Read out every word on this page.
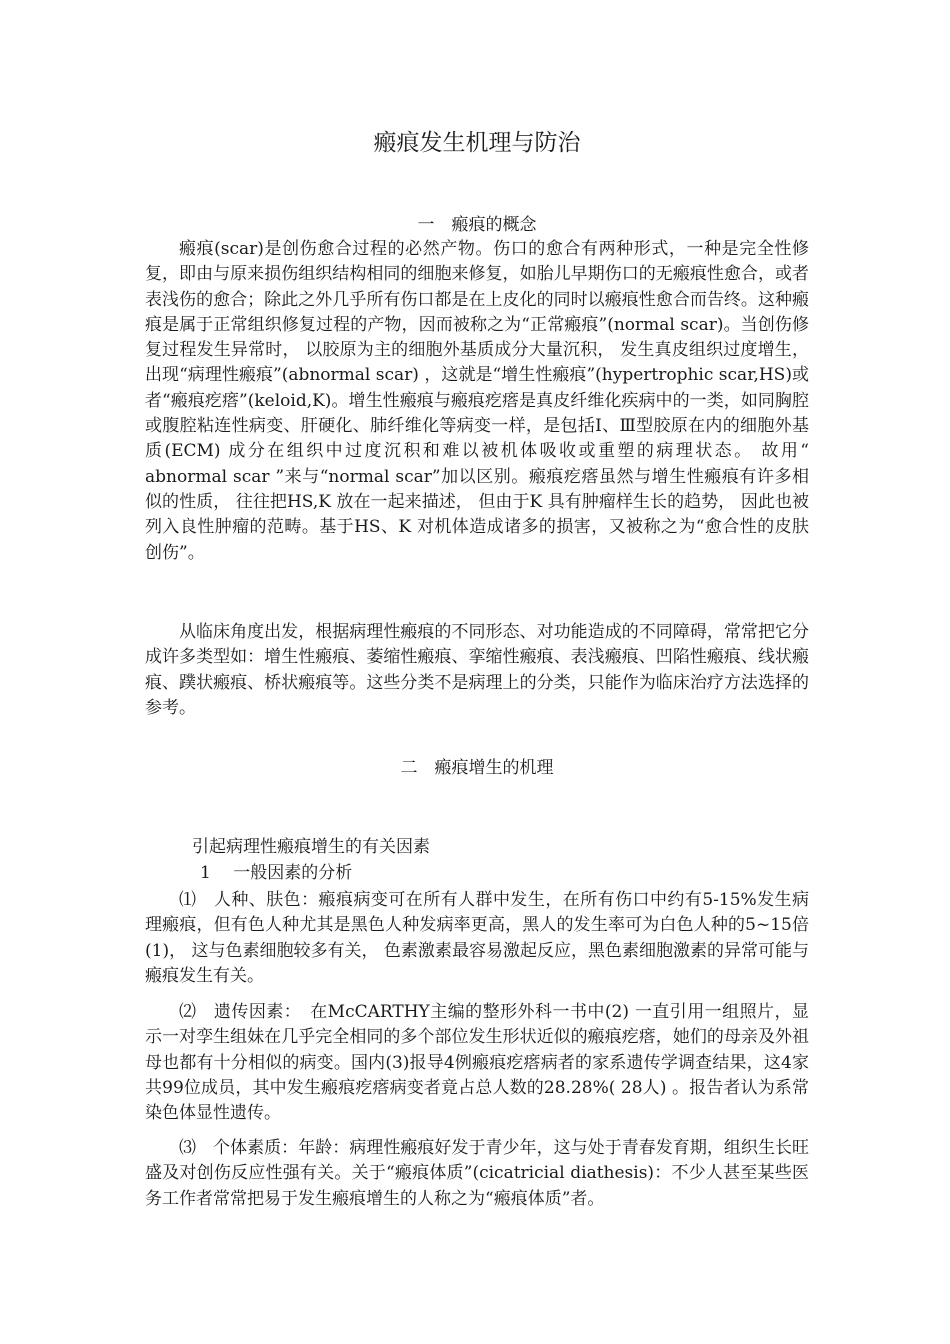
瘢痕发生机理与防治
一　瘢痕的概念

瘢痕(scar)是创伤愈合过程的必然产物。伤口的愈合有两种形式，一种是完全性修复，即由与原来损伤组织结构相同的细胞来修复，如胎儿早期伤口的无瘢痕性愈合，或者表浅伤的愈合；除此之外几乎所有伤口都是在上皮化的同时以瘢痕性愈合而告终。这种瘢痕是属于正常组织修复过程的产物，因而被称之为“正常瘢痕”(normal scar)。当创伤修复过程发生异常时， 以胶原为主的细胞外基质成分大量沉积， 发生真皮组织过度增生，出现“病理性瘢痕”(abnormal scar) ，这就是“增生性瘢痕”(hypertrophic scar,HS)或者“瘢痕疙瘩”(keloid,K)。增生性瘢痕与瘢痕疙瘩是真皮纤维化疾病中的一类，如同胸腔或腹腔粘连性病变、肝硬化、肺纤维化等病变一样，是包括Ⅰ、Ⅲ型胶原在内的细胞外基质(ECM) 成分在组织中过度沉积和难以被机体吸收或重塑的病理状态。 故用“ abnormal scar ”来与“normal scar”加以区别。瘢痕疙瘩虽然与增生性瘢痕有许多相似的性质， 往往把HS,K 放在一起来描述， 但由于K 具有肿瘤样生长的趋势， 因此也被列入良性肿瘤的范畴。基于HS、K 对机体造成诸多的损害，又被称之为“愈合性的皮肤创伤”。

从临床角度出发，根据病理性瘢痕的不同形态、对功能造成的不同障碍，常常把它分成许多类型如：增生性瘢痕、萎缩性瘢痕、挛缩性瘢痕、表浅瘢痕、凹陷性瘢痕、线状瘢痕、蹼状瘢痕、桥状瘢痕等。这些分类不是病理上的分类，只能作为临床治疗方法选择的参考。

二　瘢痕增生的机理
引起病理性瘢痕增生的有关因素
1　 一般因素的分析

⑴　人种、肤色：瘢痕病变可在所有人群中发生，在所有伤口中约有5-15%发生病理瘢痕，但有色人种尤其是黑色人种发病率更高，黑人的发生率可为白色人种的5~15倍(1)， 这与色素细胞较多有关， 色素激素最容易激起反应，黑色素细胞激素的异常可能与瘢痕发生有关。

⑵　遗传因素：　在McCARTHY主编的整形外科一书中(2) 一直引用一组照片，显示一对孪生组妹在几乎完全相同的多个部位发生形状近似的瘢痕疙瘩，她们的母亲及外祖母也都有十分相似的病变。国内(3)报导4例瘢痕疙瘩病者的家系遗传学调查结果，这4家共99位成员，其中发生瘢痕疙瘩病变者竟占总人数的28.28%( 28人) 。报告者认为系常染色体显性遗传。

⑶　个体素质：年龄：病理性瘢痕好发于青少年，这与处于青春发育期，组织生长旺盛及对创伤反应性强有关。关于“瘢痕体质”(cicatricial diathesis)：不少人甚至某些医务工作者常常把易于发生瘢痕增生的人称之为“瘢痕体质”者。
